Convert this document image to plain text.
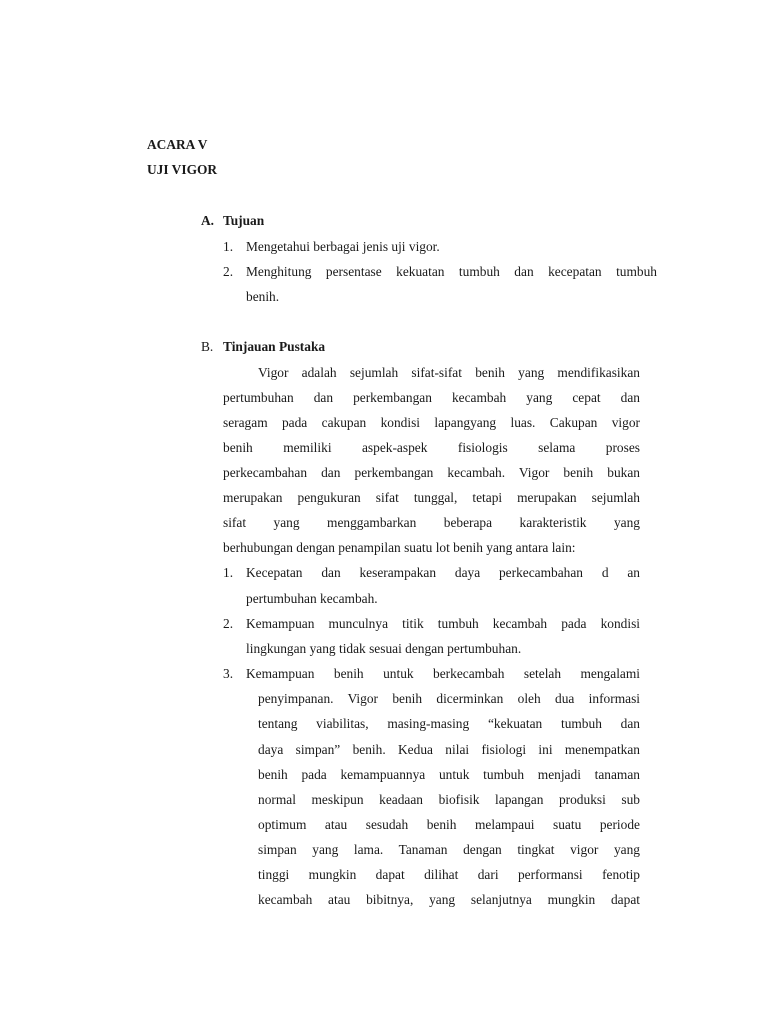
ACARA V
UJI VIGOR
A. Tujuan
1. Mengetahui berbagai jenis uji vigor.
2. Menghitung persentase kekuatan tumbuh dan kecepatan tumbuh
benih.
B. Tinjauan Pustaka
Vigor adalah sejumlah sifat-sifat benih yang mendifikasikan
pertumbuhan dan perkembangan kecambah yang cepat dan
seragam pada cakupan kondisi lapangyang luas. Cakupan vigor
benih memiliki aspek-aspek fisiologis selama proses
perkecambahan dan perkembangan kecambah. Vigor benih bukan
merupakan pengukuran sifat tunggal, tetapi merupakan sejumlah
sifat yang menggambarkan beberapa karakteristik yang
berhubungan dengan penampilan suatu lot benih yang antara lain:
1. Kecepatan dan keserampakan daya perkecambahan d an
pertumbuhan kecambah.
2. Kemampuan munculnya titik tumbuh kecambah pada kondisi
lingkungan yang tidak sesuai dengan pertumbuhan.
3. Kemampuan benih untuk berkecambah setelah mengalami
penyimpanan. Vigor benih dicerminkan oleh dua informasi
tentang viabilitas, masing-masing “kekuatan tumbuh dan
daya simpan” benih. Kedua nilai fisiologi ini menempatkan
benih pada kemampuannya untuk tumbuh menjadi tanaman
normal meskipun keadaan biofisik lapangan produksi sub
optimum atau sesudah benih melampaui suatu periode
simpan yang lama. Tanaman dengan tingkat vigor yang
tinggi mungkin dapat dilihat dari performansi fenotip
kecambah atau bibitnya, yang selanjutnya mungkin dapat
